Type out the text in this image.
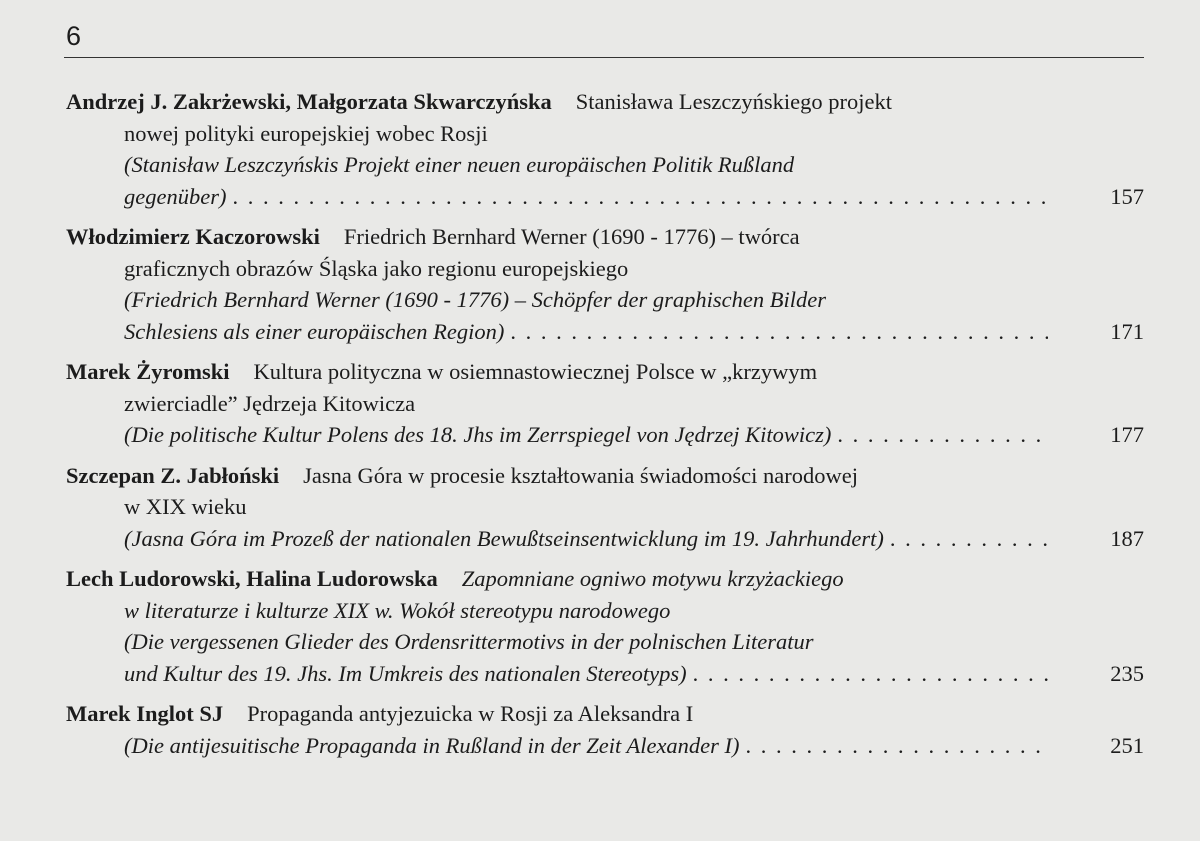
6
Andrzej J. Zakrżewski, Małgorzata Skwarczyńska Stanisława Leszczyńskiego projekt
nowej polityki europejskiej wobec Rosji
(Stanisław Leszczyńskis Projekt einer neuen europäischen Politik Rußland
gegenüber) . . .	157
Włodzimierz Kaczorowski Friedrich Bernhard Werner (1690 - 1776) – twórca
graficznych obrazów Śląska jako regionu europejskiego
(Friedrich Bernhard Werner (1690 - 1776) – Schöpfer der graphischen Bilder
Schlesiens als einer europäischen Region) . . .	171
Marek Żyromski Kultura polityczna w osiemnastowiecznej Polsce w „krzywym
zwierciadle” Jędrzeja Kitowicza
(Die politische Kultur Polens des 18. Jhs im Zerrspiegel von Jędrzej Kitowicz) . . .	177
Szczepan Z. Jabłoński Jasna Góra w procesie kształtowania świadomości narodowej
w XIX wieku
(Jasna Góra im Prozeß der nationalen Bewußtseinsentwicklung im 19. Jahrhundert) . . .	187
Lech Ludorowski, Halina Ludorowska Zapomniane ogniwo motywu krzyżackiego
w literaturze i kulturze XIX w. Wokół stereotypu narodowego
(Die vergessenen Glieder des Ordensrittermotivs in der polnischen Literatur
und Kultur des 19. Jhs. Im Umkreis des nationalen Stereotyps) . . .	235
Marek Inglot SJ Propaganda antyjezuicka w Rosji za Aleksandra I
(Die antijesuitische Propaganda in Rußland in der Zeit Alexander I) . . .	251
